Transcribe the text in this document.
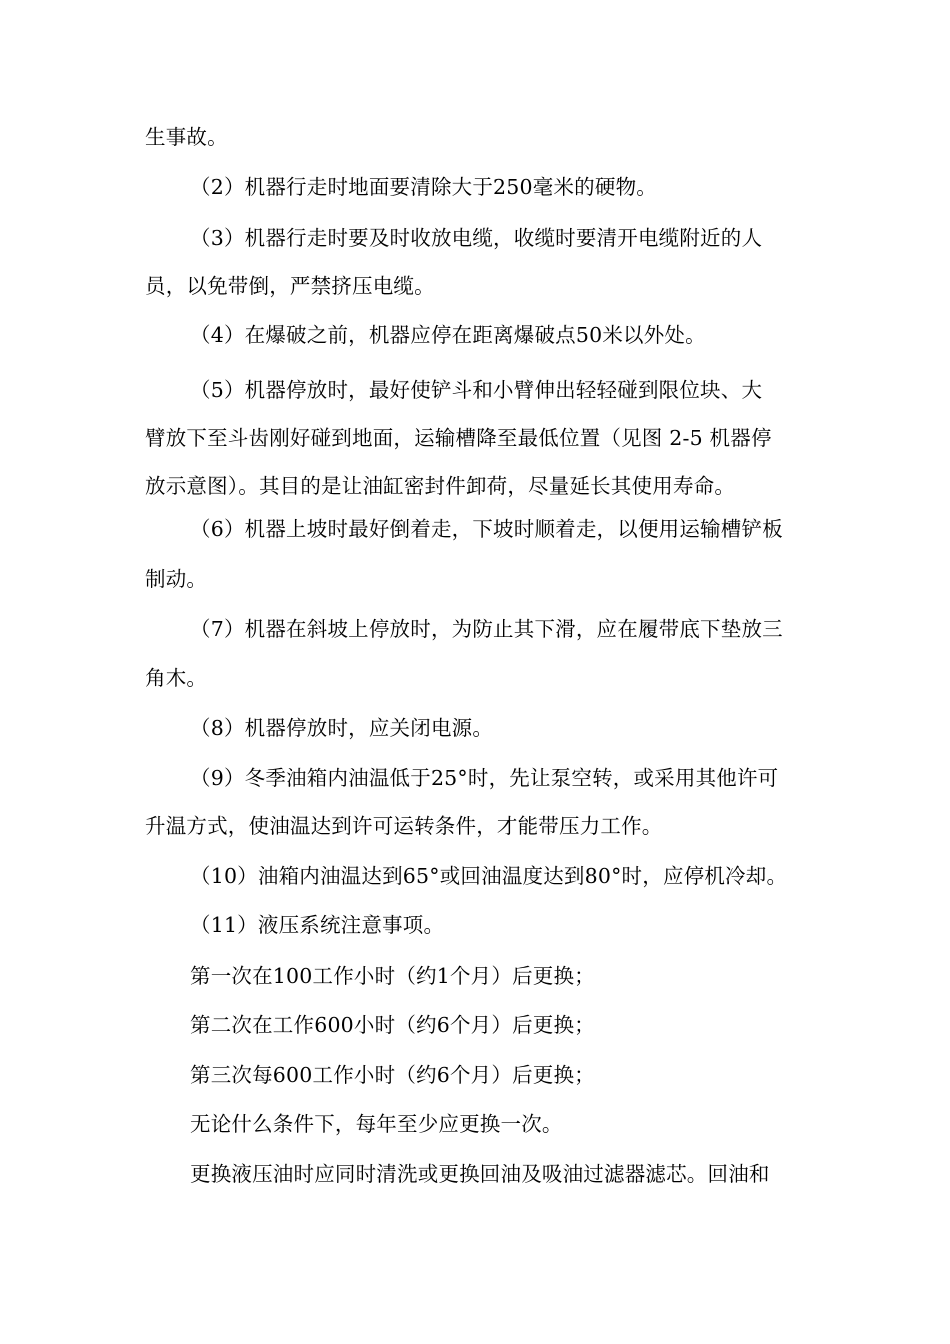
生事故。
（2）机器行走时地面要清除大于250毫米的硬物。
（3）机器行走时要及时收放电缆，收缆时要清开电缆附近的人
员，以免带倒，严禁挤压电缆。
（4）在爆破之前，机器应停在距离爆破点50米以外处。
（5）机器停放时，最好使铲斗和小臂伸出轻轻碰到限位块、大
臂放下至斗齿刚好碰到地面，运输槽降至最低位置（见图 2-5 机器停
放示意图）。其目的是让油缸密封件卸荷，尽量延长其使用寿命。
（6）机器上坡时最好倒着走，下坡时顺着走，以便用运输槽铲板
制动。
（7）机器在斜坡上停放时，为防止其下滑，应在履带底下垫放三
角木。
（8）机器停放时，应关闭电源。
（9）冬季油箱内油温低于25°时，先让泵空转，或采用其他许可
升温方式，使油温达到许可运转条件，才能带压力工作。
（10）油箱内油温达到65°或回油温度达到80°时，应停机冷却。
（11）液压系统注意事项。
第一次在100工作小时（约1个月）后更换；
第二次在工作600小时（约6个月）后更换；
第三次每600工作小时（约6个月）后更换；
无论什么条件下，每年至少应更换一次。
更换液压油时应同时清洗或更换回油及吸油过滤器滤芯。回油和
